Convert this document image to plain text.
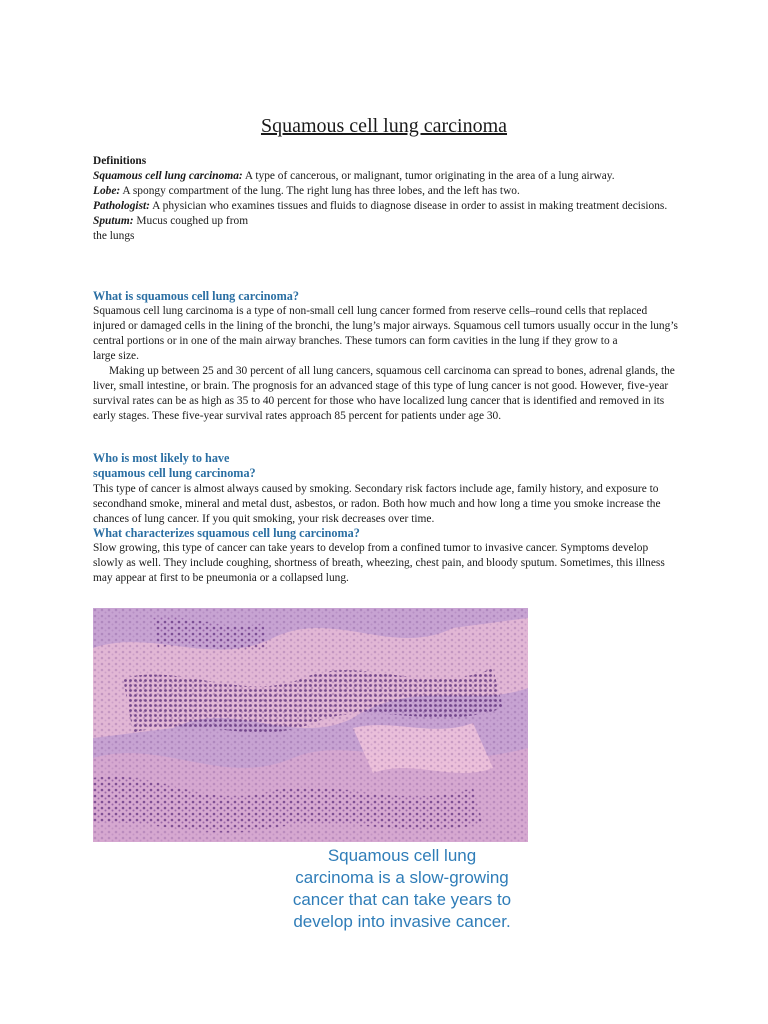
Squamous cell lung carcinoma
Definitions

Squamous cell lung carcinoma: A type of cancerous, or malignant, tumor originating in the area of a lung airway.

Lobe: A spongy compartment of the lung. The right lung has three lobes, and the left has two.

Pathologist: A physician who examines tissues and fluids to diagnose disease in order to assist in making treatment decisions.

Sputum: Mucus coughed up from
the lungs

What is squamous cell lung carcinoma?

Squamous cell lung carcinoma is a type of non-small cell lung cancer formed from reserve cells–round cells that replaced injured or damaged cells in the lining of the bronchi, the lung’s major airways. Squamous cell tumors usually occur in the lung’s central portions or in one of the main airway branches. These tumors can form cavities in the lung if they grow to a

large size.

Making up between 25 and 30 percent of all lung cancers, squamous cell carcinoma can spread to bones, adrenal glands, the liver, small intestine, or brain. The prognosis for an advanced stage of this type of lung cancer is not good. However, five-year survival rates can be as high as 35 to 40 percent for those who have localized lung cancer that is identified and removed in its early stages. These five-year survival rates approach 85 percent for patients under age 30.

Who is most likely to have
squamous cell lung carcinoma?

This type of cancer is almost always caused by smoking. Secondary risk factors include age, family history, and exposure to secondhand smoke, mineral and metal dust, asbestos, or radon. Both how much and how long a time you smoke increase the chances of lung cancer. If you quit smoking, your risk decreases over time.

What characterizes squamous cell lung carcinoma?

Slow growing, this type of cancer can take years to develop from a confined tumor to invasive cancer. Symptoms develop slowly as well. They include coughing, shortness of breath, wheezing, chest pain, and bloody sputum. Sometimes, this illness may appear at first to be pneumonia or a collapsed lung.

Squamous cell lung
carcinoma is a slow-growing
cancer that can take years to
develop into invasive cancer.
